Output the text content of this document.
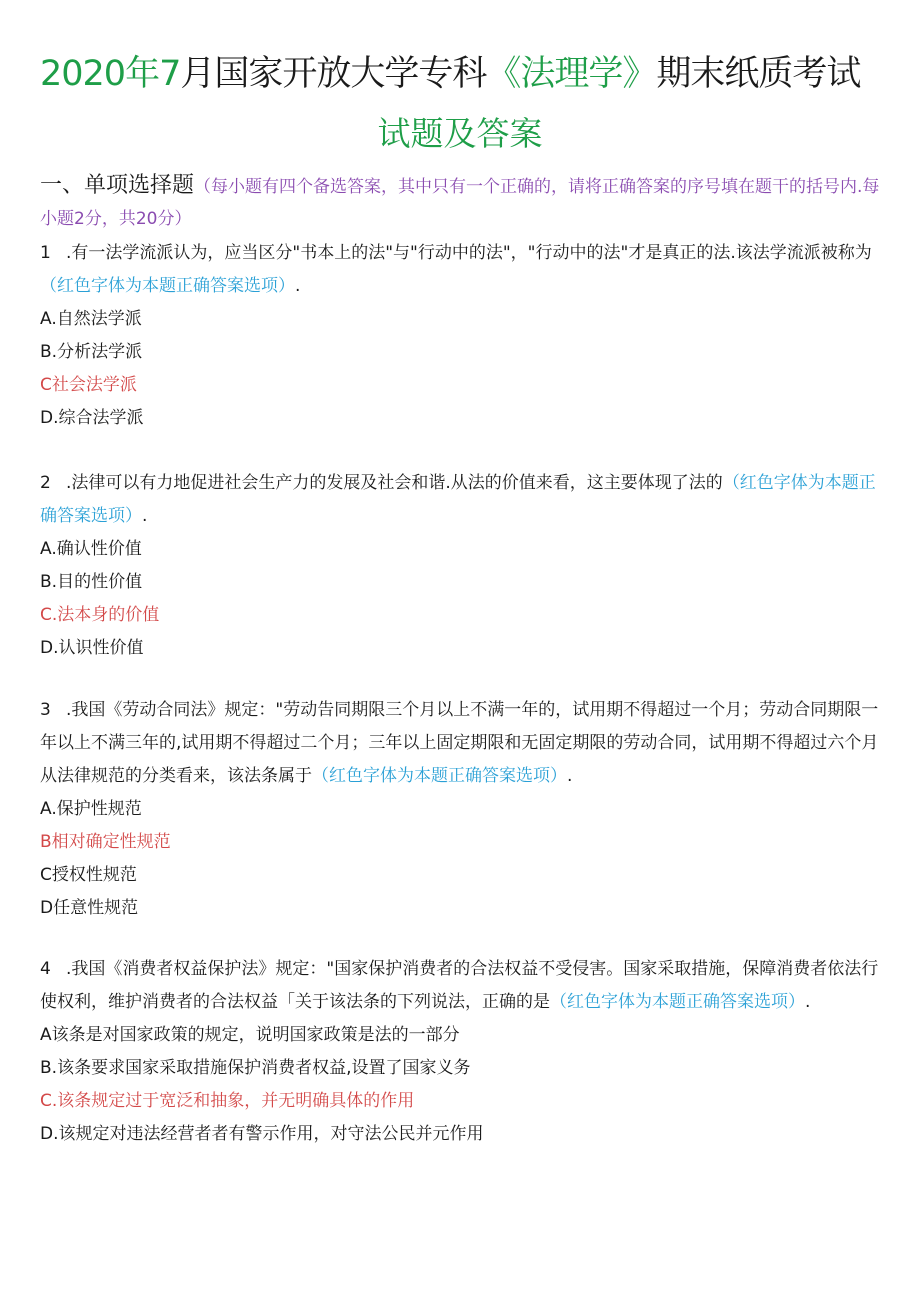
2020年7月国家开放大学专科《法理学》期末纸质考试
试题及答案
一、单项选择题（每小题有四个备选答案，其中只有一个正确的，请将正确答案的序号填在题干的括号内.每小题2分，共20分）

1 .有一法学流派认为，应当区分"书本上的法"与"行动中的法"，"行动中的法"才是真正的法.该法学流派被称为（红色字体为本题正确答案选项）.

A.自然法学派

B.分析法学派

C社会法学派

D.综合法学派

2 .法律可以有力地促进社会生产力的发展及社会和谐.从法的价值来看，这主要体现了法的（红色字体为本题正确答案选项）.

A.确认性价值

B.目的性价值

C.法本身的价值

D.认识性价值

3 .我国《劳动合同法》规定："劳动告同期限三个月以上不满一年的，试用期不得超过一个月；劳动合同期限一年以上不满三年的,试用期不得超过二个月；三年以上固定期限和无固定期限的劳动合同，试用期不得超过六个月从法律规范的分类看来，该法条属于（红色字体为本题正确答案选项）.

A.保护性规范

B相对确定性规范

C授权性规范

D任意性规范

4 .我国《消费者权益保护法》规定："国家保护消费者的合法权益不受侵害。国家采取措施，保障消费者依法行使权利，维护消费者的合法权益「关于该法条的下列说法，正确的是（红色字体为本题正确答案选项）.

A该条是对国家政策的规定，说明国家政策是法的一部分

B.该条要求国家采取措施保护消费者权益,设置了国家义务

C.该条规定过于宽泛和抽象，并无明确具体的作用

D.该规定对违法经营者者有警示作用，对守法公民并元作用
